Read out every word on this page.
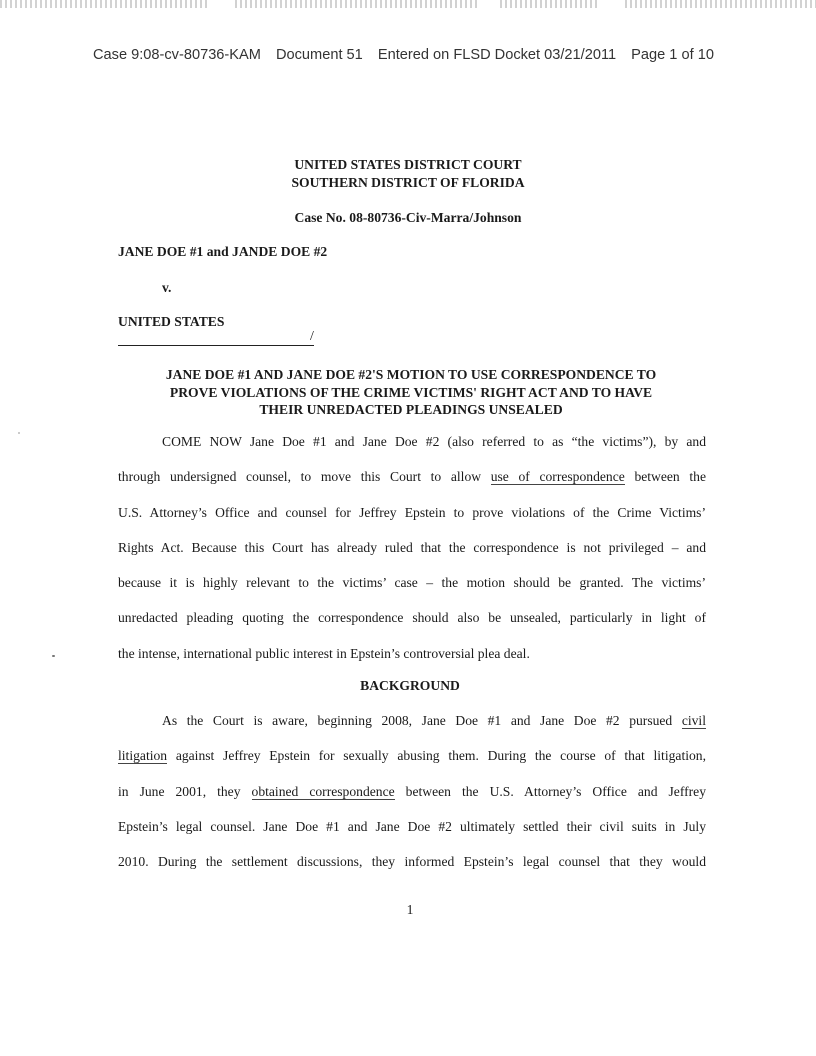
Case 9:08-cv-80736-KAM Document 51 Entered on FLSD Docket 03/21/2011 Page 1 of 10
UNITED STATES DISTRICT COURT
SOUTHERN DISTRICT OF FLORIDA
Case No. 08-80736-Civ-Marra/Johnson
JANE DOE #1 and JANDE DOE #2
v.
UNITED STATES
/
JANE DOE #1 AND JANE DOE #2'S MOTION TO USE CORRESPONDENCE TO
PROVE VIOLATIONS OF THE CRIME VICTIMS' RIGHT ACT AND TO HAVE
THEIR UNREDACTED PLEADINGS UNSEALED
COME NOW Jane Doe #1 and Jane Doe #2 (also referred to as “the victims”), by and
through undersigned counsel, to move this Court to allow use of correspondence between the
U.S. Attorney’s Office and counsel for Jeffrey Epstein to prove violations of the Crime Victims’
Rights Act. Because this Court has already ruled that the correspondence is not privileged – and
because it is highly relevant to the victims’ case – the motion should be granted. The victims’
unredacted pleading quoting the correspondence should also be unsealed, particularly in light of
the intense, international public interest in Epstein’s controversial plea deal.
BACKGROUND
As the Court is aware, beginning 2008, Jane Doe #1 and Jane Doe #2 pursued civil
litigation against Jeffrey Epstein for sexually abusing them. During the course of that litigation,
in June 2001, they obtained correspondence between the U.S. Attorney’s Office and Jeffrey
Epstein’s legal counsel. Jane Doe #1 and Jane Doe #2 ultimately settled their civil suits in July
2010. During the settlement discussions, they informed Epstein’s legal counsel that they would
1
